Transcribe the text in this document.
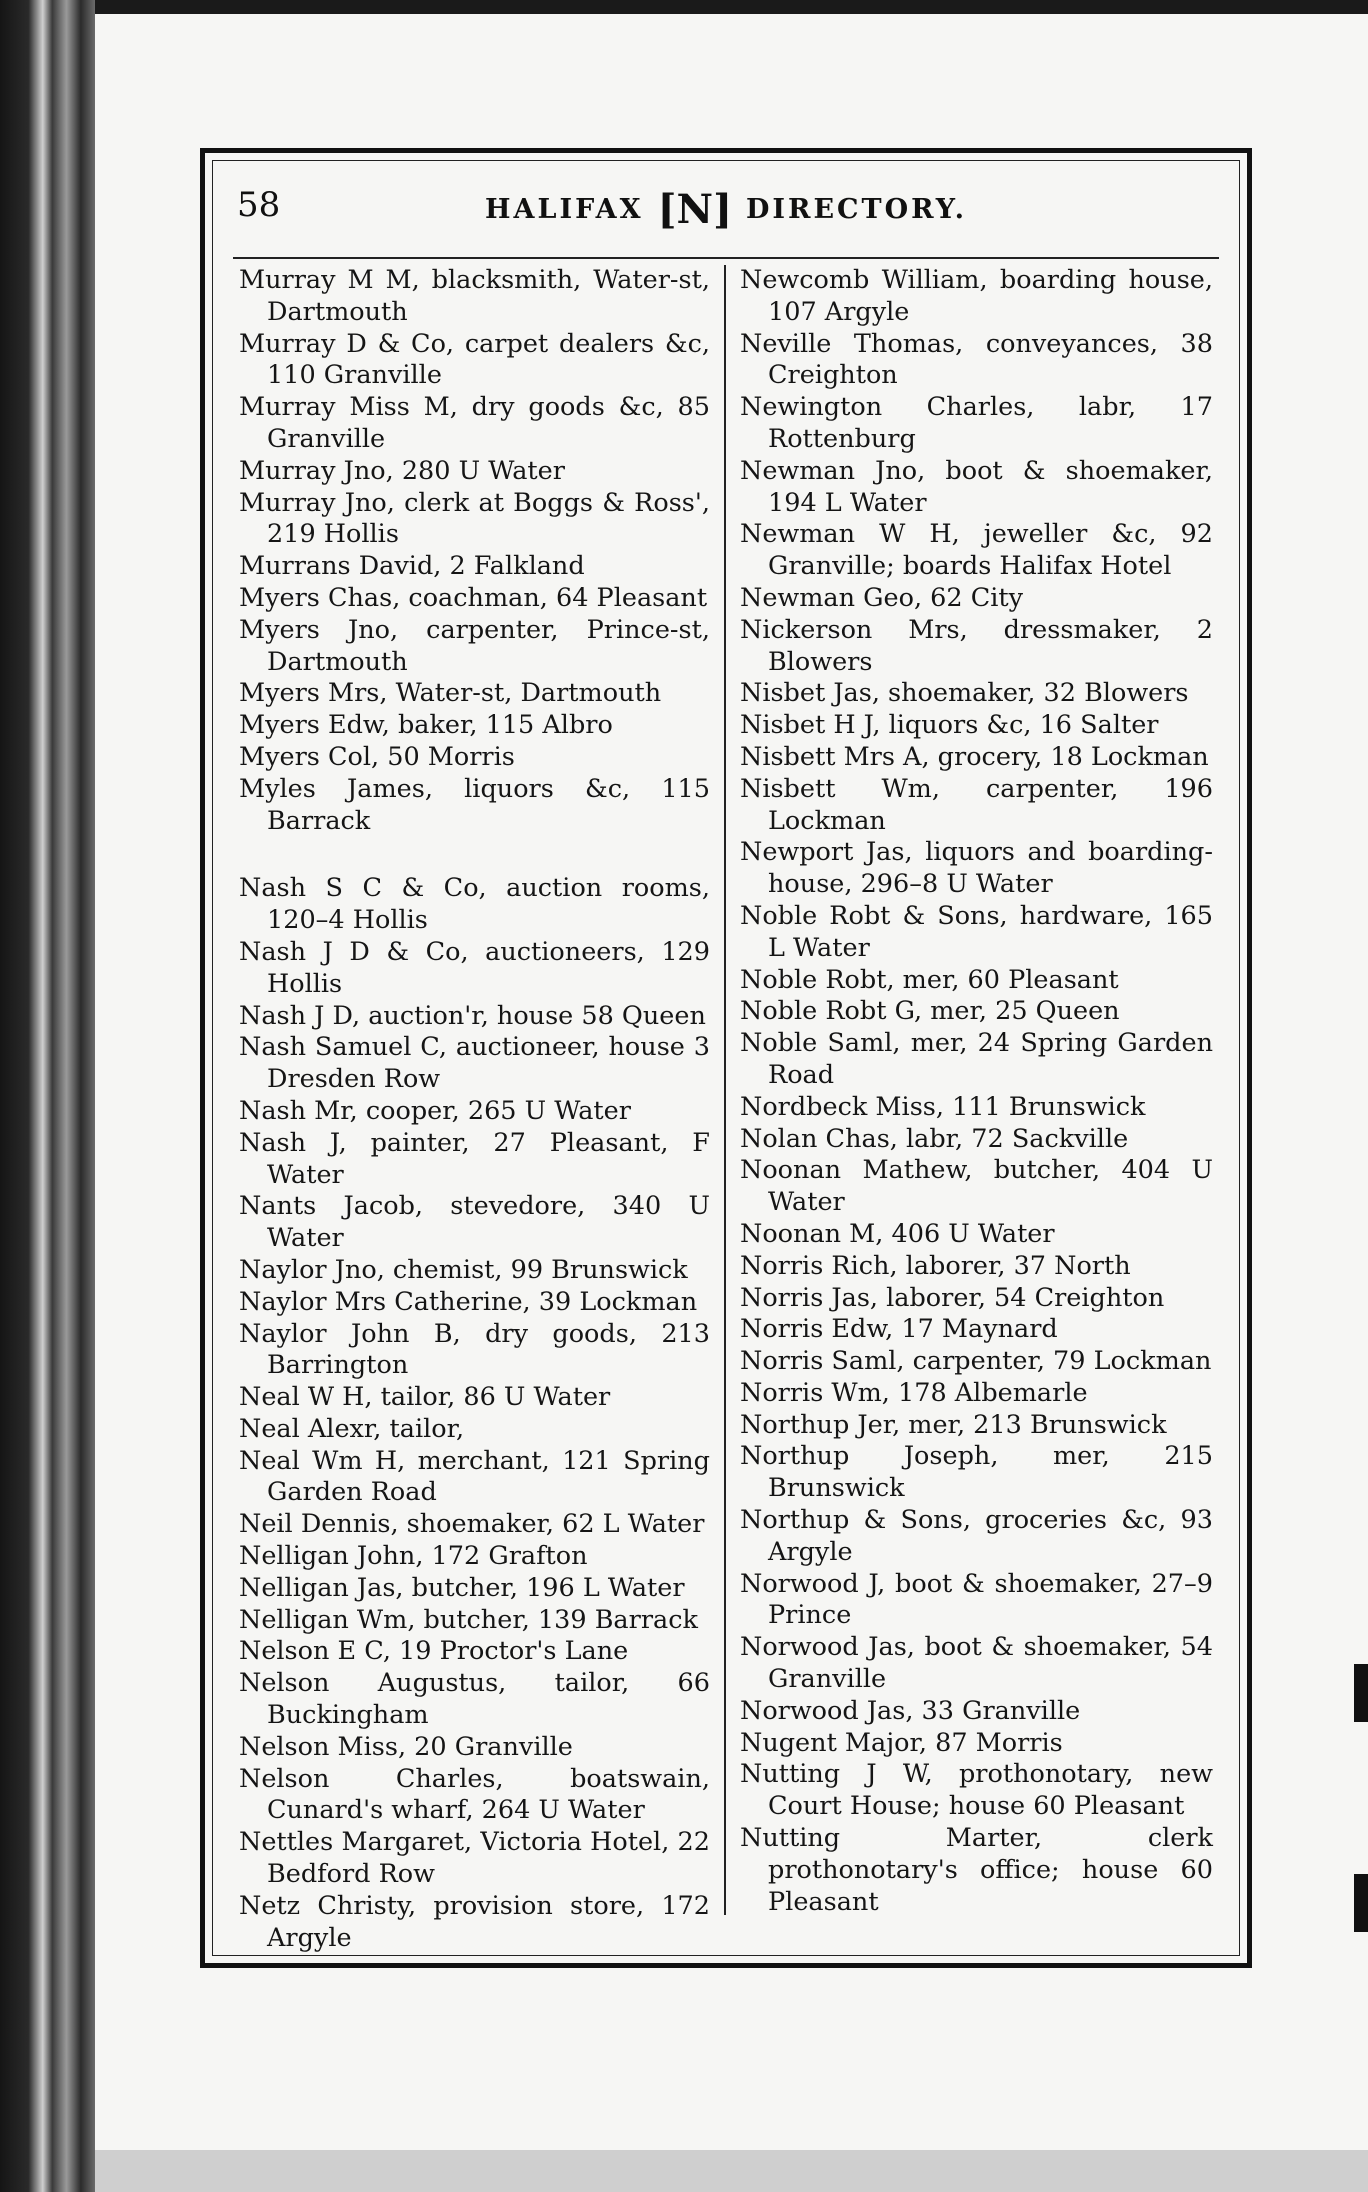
58	HALIFAX [N] DIRECTORY.

Murray M M, blacksmith, Water-st, Dartmouth

Murray D & Co, carpet dealers &c, 110 Granville

Murray Miss M, dry goods &c, 85 Granville

Murray Jno, 280 U Water

Murray Jno, clerk at Boggs & Ross', 219 Hollis

Murrans David, 2 Falkland

Myers Chas, coachman, 64 Pleasant

Myers Jno, carpenter, Prince-st, Dartmouth

Myers Mrs, Water-st, Dartmouth

Myers Edw, baker, 115 Albro

Myers Col, 50 Morris

Myles James, liquors &c, 115 Barrack

Nash S C & Co, auction rooms, 120–4 Hollis

Nash J D & Co, auctioneers, 129 Hollis

Nash J D, auction'r, house 58 Queen

Nash Samuel C, auctioneer, house 3 Dresden Row

Nash Mr, cooper, 265 U Water

Nash J, painter, 27 Pleasant, F Water

Nants Jacob, stevedore, 340 U Water

Naylor Jno, chemist, 99 Brunswick

Naylor Mrs Catherine, 39 Lockman

Naylor John B, dry goods, 213 Barrington

Neal W H, tailor, 86 U Water

Neal Alexr, tailor,

Neal Wm H, merchant, 121 Spring Garden Road

Neil Dennis, shoemaker, 62 L Water

Nelligan John, 172 Grafton

Nelligan Jas, butcher, 196 L Water

Nelligan Wm, butcher, 139 Barrack

Nelson E C, 19 Proctor's Lane

Nelson Augustus, tailor, 66 Buckingham

Nelson Miss, 20 Granville

Nelson Charles, boatswain, Cunard's wharf, 264 U Water

Nettles Margaret, Victoria Hotel, 22 Bedford Row

Netz Christy, provision store, 172 Argyle

Newcomb William, boarding house, 107 Argyle

Neville Thomas, conveyances, 38 Creighton

Newington Charles, labr, 17 Rottenburg

Newman Jno, boot & shoemaker, 194 L Water

Newman W H, jeweller &c, 92 Granville; boards Halifax Hotel

Newman Geo, 62 City

Nickerson Mrs, dressmaker, 2 Blowers

Nisbet Jas, shoemaker, 32 Blowers

Nisbet H J, liquors &c, 16 Salter

Nisbett Mrs A, grocery, 18 Lockman

Nisbett Wm, carpenter, 196 Lockman

Newport Jas, liquors and boarding-house, 296–8 U Water

Noble Robt & Sons, hardware, 165 L Water

Noble Robt, mer, 60 Pleasant

Noble Robt G, mer, 25 Queen

Noble Saml, mer, 24 Spring Garden Road

Nordbeck Miss, 111 Brunswick

Nolan Chas, labr, 72 Sackville

Noonan Mathew, butcher, 404 U Water

Noonan M, 406 U Water

Norris Rich, laborer, 37 North

Norris Jas, laborer, 54 Creighton

Norris Edw, 17 Maynard

Norris Saml, carpenter, 79 Lockman

Norris Wm, 178 Albemarle

Northup Jer, mer, 213 Brunswick

Northup Joseph, mer, 215 Brunswick

Northup & Sons, groceries &c, 93 Argyle

Norwood J, boot & shoemaker, 27–9 Prince

Norwood Jas, boot & shoemaker, 54 Granville

Norwood Jas, 33 Granville

Nugent Major, 87 Morris

Nutting J W, prothonotary, new Court House; house 60 Pleasant

Nutting Marter, clerk prothonotary's office; house 60 Pleasant
